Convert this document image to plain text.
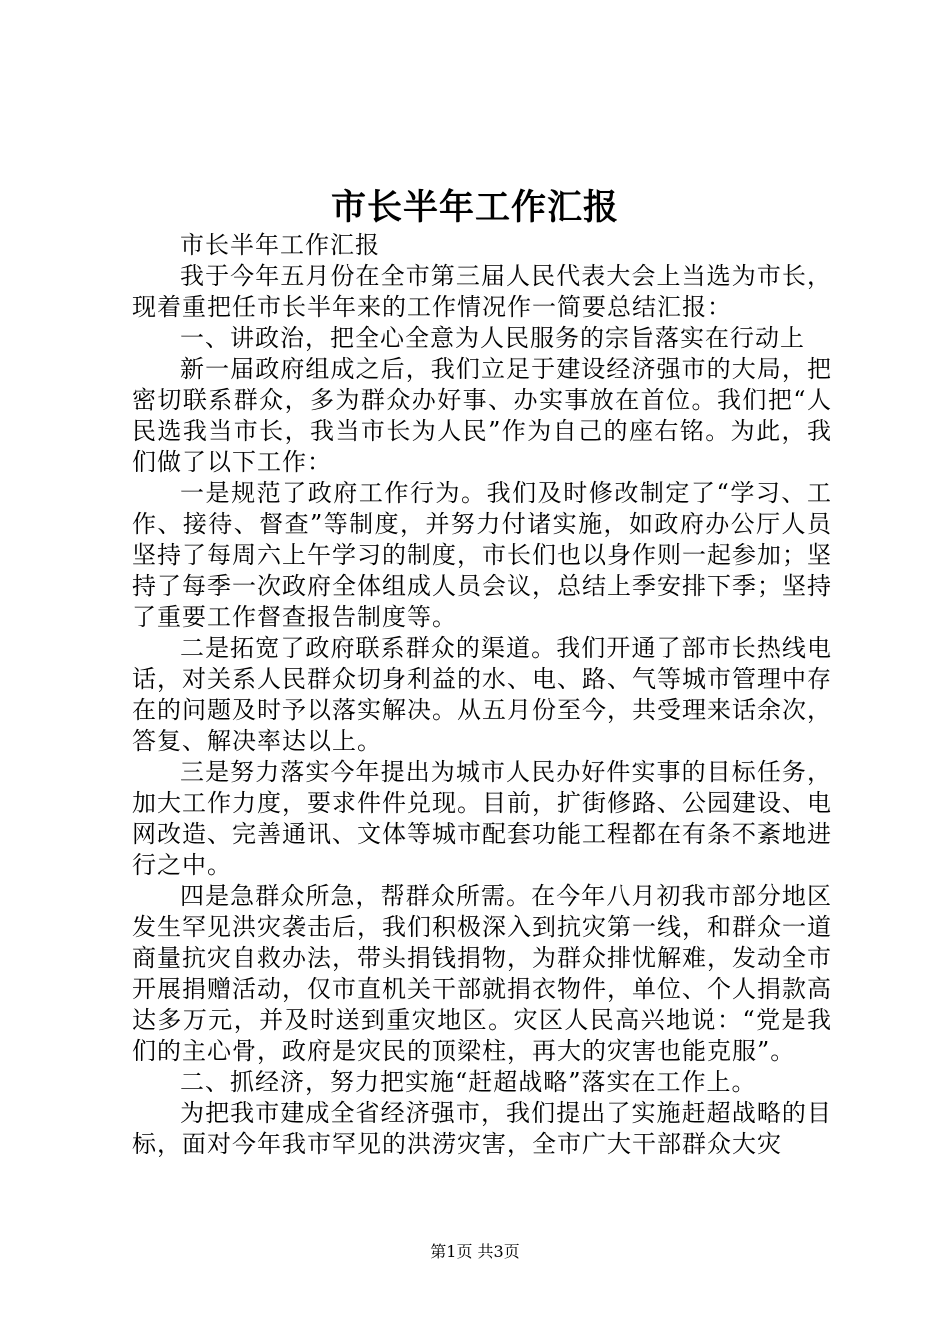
市长半年工作汇报

市长半年工作汇报

我于今年五月份在全市第三届人民代表大会上当选为市长，现着重把任市长半年来的工作情况作一简要总结汇报：

一、讲政治，把全心全意为人民服务的宗旨落实在行动上

新一届政府组成之后，我们立足于建设经济强市的大局，把密切联系群众，多为群众办好事、办实事放在首位。我们把“人民选我当市长，我当市长为人民”作为自己的座右铭。为此，我们做了以下工作：

一是规范了政府工作行为。我们及时修改制定了“学习、工作、接待、督查”等制度，并努力付诸实施，如政府办公厅人员坚持了每周六上午学习的制度，市长们也以身作则一起参加；坚持了每季一次政府全体组成人员会议，总结上季安排下季；坚持了重要工作督查报告制度等。

二是拓宽了政府联系群众的渠道。我们开通了部市长热线电话，对关系人民群众切身利益的水、电、路、气等城市管理中存在的问题及时予以落实解决。从五月份至今，共受理来话余次，答复、解决率达以上。

三是努力落实今年提出为城市人民办好件实事的目标任务，加大工作力度，要求件件兑现。目前，扩街修路、公园建设、电网改造、完善通讯、文体等城市配套功能工程都在有条不紊地进行之中。

四是急群众所急，帮群众所需。在今年八月初我市部分地区发生罕见洪灾袭击后，我们积极深入到抗灾第一线，和群众一道商量抗灾自救办法，带头捐钱捐物，为群众排忧解难，发动全市开展捐赠活动，仅市直机关干部就捐衣物件，单位、个人捐款高达多万元，并及时送到重灾地区。灾区人民高兴地说：“党是我们的主心骨，政府是灾民的顶梁柱，再大的灾害也能克服”。

二、抓经济，努力把实施“赶超战略”落实在工作上。

为把我市建成全省经济强市，我们提出了实施赶超战略的目标，面对今年我市罕见的洪涝灾害，全市广大干部群众大灾

第1页 共3页
